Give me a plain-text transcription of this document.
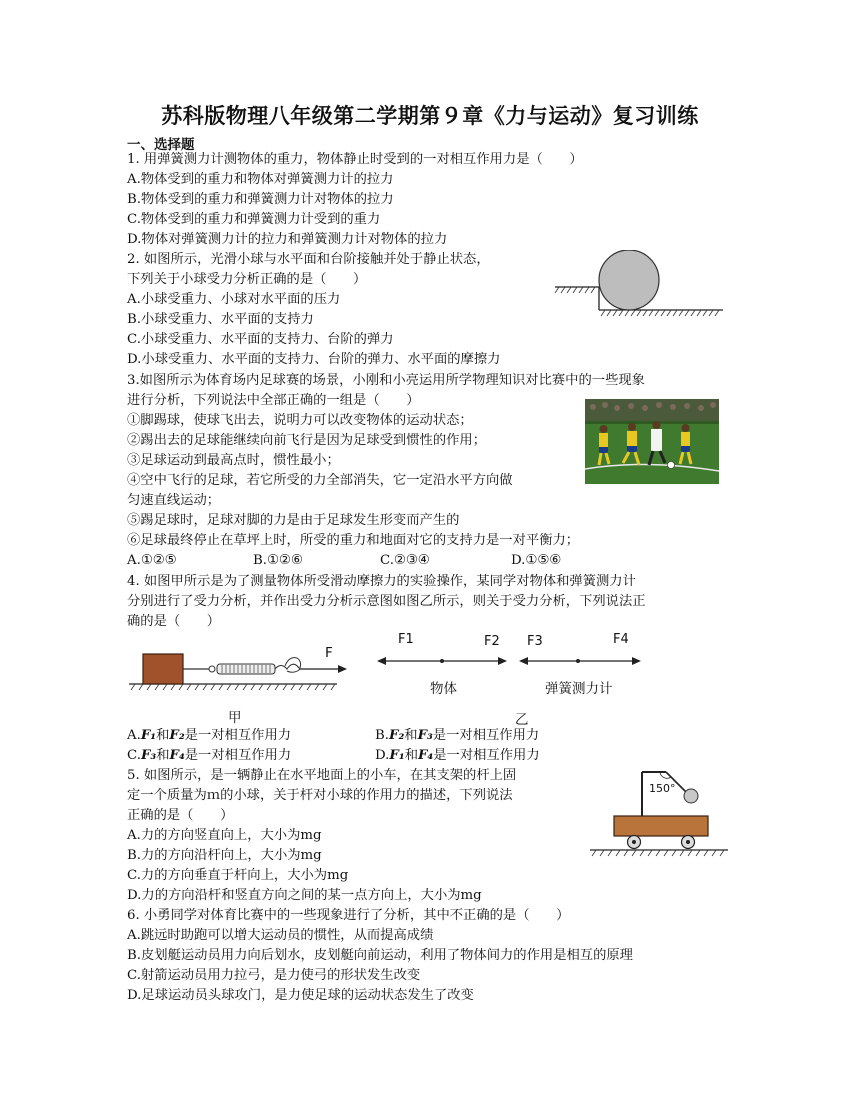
苏科版物理八年级第二学期第９章《力与运动》复习训练
一、选择题
1. 用弹簧测力计测物体的重力，物体静止时受到的一对相互作用力是（　　）
A.物体受到的重力和物体对弹簧测力计的拉力
B.物体受到的重力和弹簧测力计对物体的拉力
C.物体受到的重力和弹簧测力计受到的重力
D.物体对弹簧测力计的拉力和弹簧测力计对物体的拉力
2. 如图所示，光滑小球与水平面和台阶接触并处于静止状态，
下列关于小球受力分析正确的是（　　）
A.小球受重力、小球对水平面的压力
B.小球受重力、水平面的支持力
C.小球受重力、水平面的支持力、台阶的弹力
D.小球受重力、水平面的支持力、台阶的弹力、水平面的摩擦力
3.如图所示为体育场内足球赛的场景，小刚和小亮运用所学物理知识对比赛中的一些现象
进行分析，下列说法中全部正确的一组是（　　）
①脚踢球，使球飞出去，说明力可以改变物体的运动状态；
②踢出去的足球能继续向前飞行是因为足球受到惯性的作用；
③足球运动到最高点时，惯性最小；
④空中飞行的足球，若它所受的力全部消失，它一定沿水平方向做
匀速直线运动；
⑤踢足球时，足球对脚的力是由于足球发生形变而产生的
⑥足球最终停止在草坪上时，所受的重力和地面对它的支持力是一对平衡力；
A.①②⑤	B.①②⑥	C.②③④	D.①⑤⑥
4. 如图甲所示是为了测量物体所受滑动摩擦力的实验操作，某同学对物体和弹簧测力计
分别进行了受力分析，并作出受力分析示意图如图乙所示，则关于受力分析，下列说法正
确的是（　　）
F
甲
F1	F2 F3	F4
物体	弹簧测力计
乙
A.F₁和F₂是一对相互作用力	B.F₂和F₃是一对相互作用力
C.F₃和F₄是一对相互作用力	D.F₁和F₄是一对相互作用力
5. 如图所示，是一辆静止在水平地面上的小车，在其支架的杆上固
定一个质量为ｍ的小球，关于杆对小球的作用力的描述，下列说法
正确的是（　　）
A.力的方向竖直向上，大小为mg
B.力的方向沿杆向上，大小为mg
C.力的方向垂直于杆向上，大小为mg
D.力的方向沿杆和竖直方向之间的某一点方向上，大小为mg
150°
6. 小勇同学对体育比赛中的一些现象进行了分析，其中不正确的是（　　）
A.跳远时助跑可以增大运动员的惯性，从而提高成绩
B.皮划艇运动员用力向后划水，皮划艇向前运动，利用了物体间力的作用是相互的原理
C.射箭运动员用力拉弓，是力使弓的形状发生改变
D.足球运动员头球攻门，是力使足球的运动状态发生了改变
